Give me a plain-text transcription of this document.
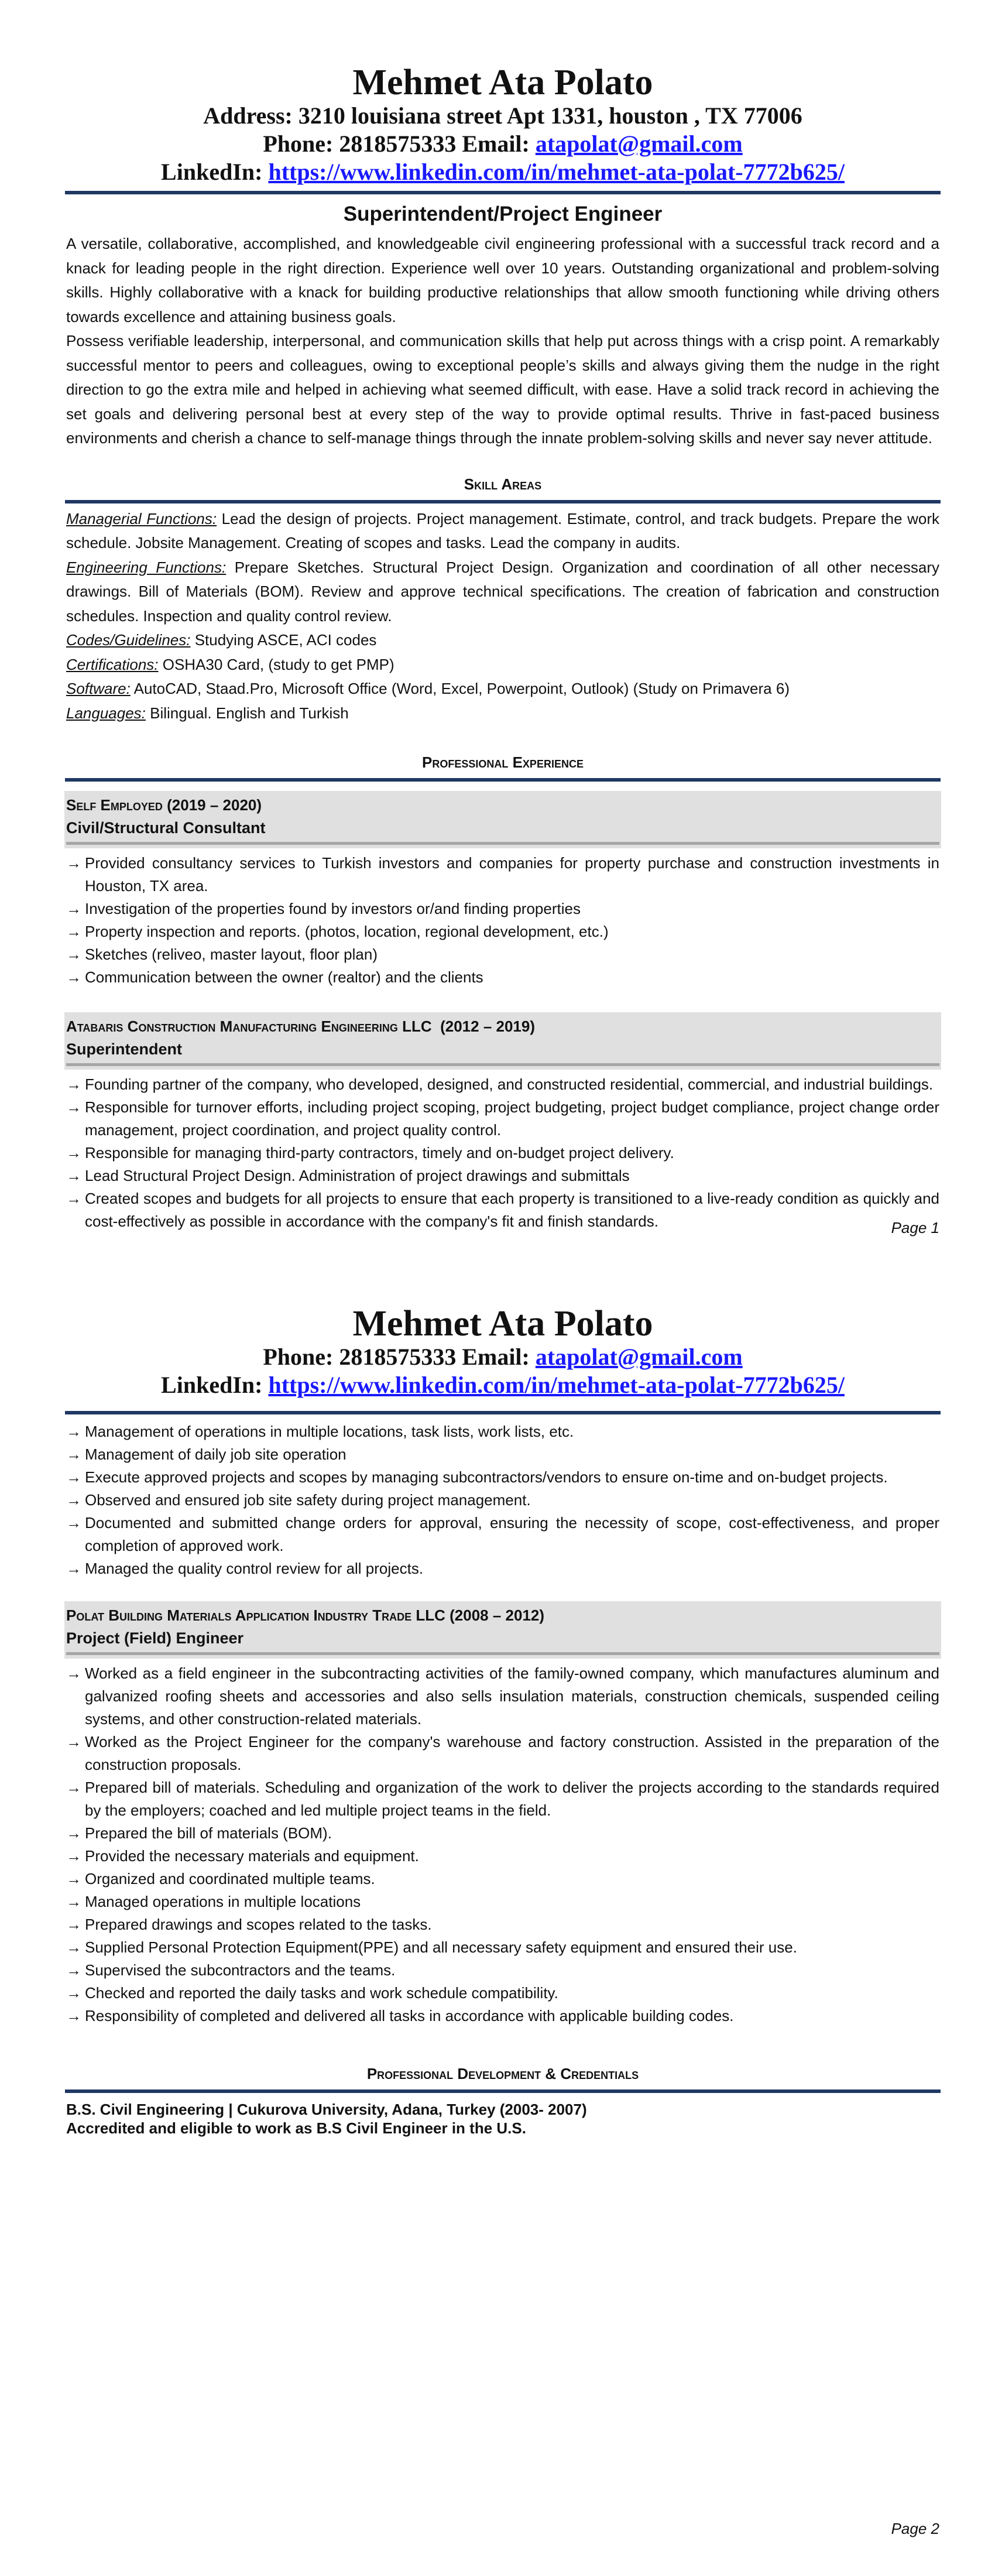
Mehmet Ata Polato
Address: 3210 louisiana street Apt 1331, houston , TX 77006
Phone: 2818575333 Email: atapolat@gmail.com
LinkedIn: https://www.linkedin.com/in/mehmet-ata-polat-7772b625/
Superintendent/Project Engineer

A versatile, collaborative, accomplished, and knowledgeable civil engineering professional with a successful track record and a knack for leading people in the right direction. Experience well over 10 years. Outstanding organizational and problem-solving skills. Highly collaborative with a knack for building productive relationships that allow smooth functioning while driving others towards excellence and attaining business goals.

Possess verifiable leadership, interpersonal, and communication skills that help put across things with a crisp point. A remarkably successful mentor to peers and colleagues, owing to exceptional people’s skills and always giving them the nudge in the right direction to go the extra mile and helped in achieving what seemed difficult, with ease. Have a solid track record in achieving the set goals and delivering personal best at every step of the way to provide optimal results. Thrive in fast-paced business environments and cherish a chance to self-manage things through the innate problem-solving skills and never say never attitude.

Skill Areas
Managerial Functions: Lead the design of projects. Project management. Estimate, control, and track budgets. Prepare the work schedule. Jobsite Management. Creating of scopes and tasks. Lead the company in audits.
Engineering Functions: Prepare Sketches. Structural Project Design. Organization and coordination of all other necessary drawings. Bill of Materials (BOM). Review and approve technical specifications. The creation of fabrication and construction schedules. Inspection and quality control review.
Codes/Guidelines: Studying ASCE, ACI codes
Certifications: OSHA30 Card, (study to get PMP)
Software: AutoCAD, Staad.Pro, Microsoft Office (Word, Excel, Powerpoint, Outlook) (Study on Primavera 6)
Languages: Bilingual. English and Turkish
Professional Experience
Self Employed (2019 – 2020)
Civil/Structural Consultant
→ Provided consultancy services to Turkish investors and companies for property purchase and construction investments in Houston, TX area.
→ Investigation of the properties found by investors or/and finding properties
→ Property inspection and reports. (photos, location, regional development, etc.)
→ Sketches (reliveo, master layout, floor plan)
→ Communication between the owner (realtor) and the clients
Atabaris Construction Manufacturing Engineering LLC  (2012 – 2019)
Superintendent
→ Founding partner of the company, who developed, designed, and constructed residential, commercial, and industrial buildings.
→ Responsible for turnover efforts, including project scoping, project budgeting, project budget compliance, project change order management, project coordination, and project quality control.
→ Responsible for managing third-party contractors, timely and on-budget project delivery.
→ Lead Structural Project Design. Administration of project drawings and submittals
→ Created scopes and budgets for all projects to ensure that each property is transitioned to a live-ready condition as quickly and cost-effectively as possible in accordance with the company's fit and finish standards.	Page 1
Mehmet Ata Polato
Phone: 2818575333 Email: atapolat@gmail.com
LinkedIn: https://www.linkedin.com/in/mehmet-ata-polat-7772b625/
→ Management of operations in multiple locations, task lists, work lists, etc.
→ Management of daily job site operation
→ Execute approved projects and scopes by managing subcontractors/vendors to ensure on-time and on-budget projects.
→ Observed and ensured job site safety during project management.
→ Documented and submitted change orders for approval, ensuring the necessity of scope, cost-effectiveness, and proper completion of approved work.
→ Managed the quality control review for all projects.
Polat Building Materials Application Industry Trade LLC (2008 – 2012)
Project (Field) Engineer
→ Worked as a field engineer in the subcontracting activities of the family-owned company, which manufactures aluminum and galvanized roofing sheets and accessories and also sells insulation materials, construction chemicals, suspended ceiling systems, and other construction-related materials.
→ Worked as the Project Engineer for the company's warehouse and factory construction. Assisted in the preparation of the construction proposals.
→ Prepared bill of materials. Scheduling and organization of the work to deliver the projects according to the standards required by the employers; coached and led multiple project teams in the field.
→ Prepared the bill of materials (BOM).
→ Provided the necessary materials and equipment.
→ Organized and coordinated multiple teams.
→ Managed operations in multiple locations
→ Prepared drawings and scopes related to the tasks.
→ Supplied Personal Protection Equipment(PPE) and all necessary safety equipment and ensured their use.
→ Supervised the subcontractors and the teams.
→ Checked and reported the daily tasks and work schedule compatibility.
→ Responsibility of completed and delivered all tasks in accordance with applicable building codes.
Professional Development & Credentials
B.S. Civil Engineering | Cukurova University, Adana, Turkey (2003- 2007)
Accredited and eligible to work as B.S Civil Engineer in the U.S.
Page 2
